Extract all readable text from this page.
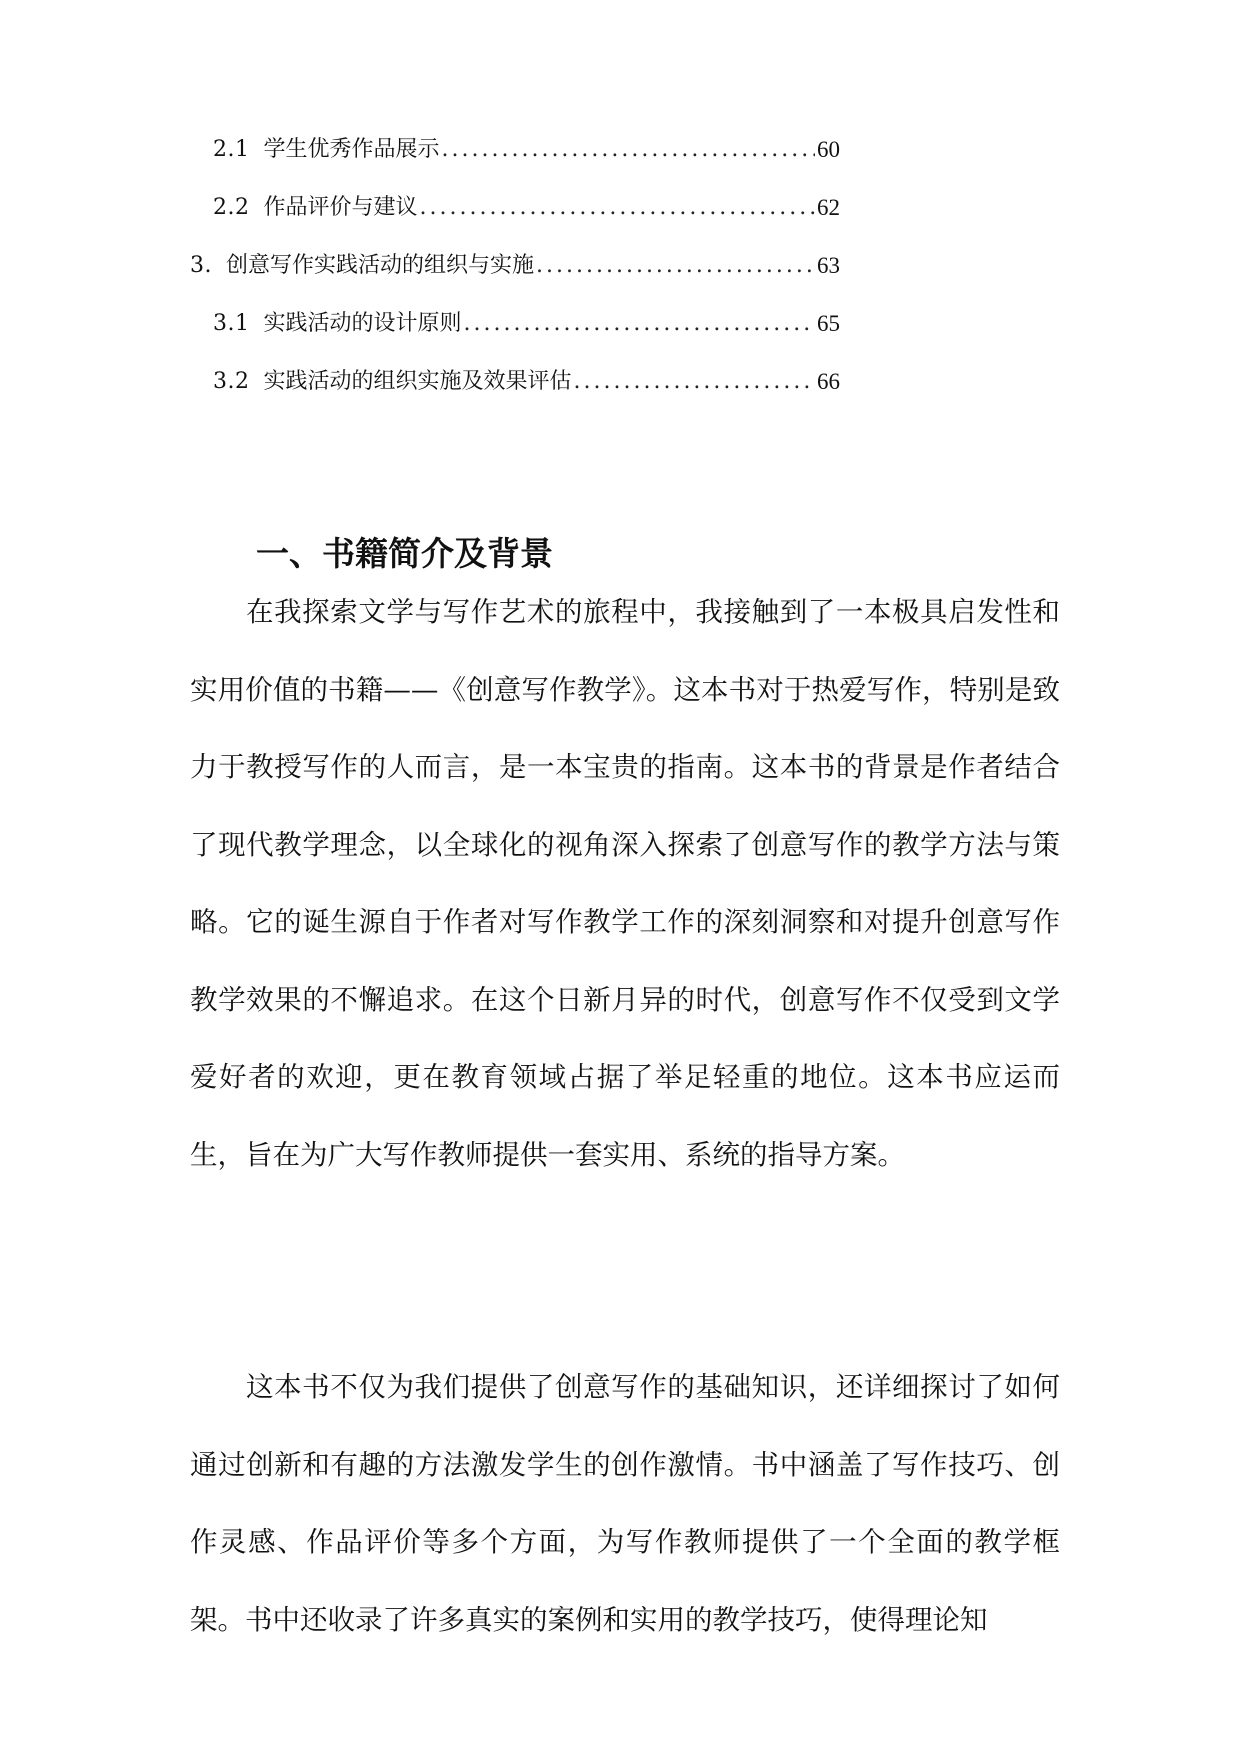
2.1 学生优秀作品展示 .....	60
2.2 作品评价与建议 .....	62
3. 创意写作实践活动的组织与实施 .....	63
3.1 实践活动的设计原则 .....	65
3.2 实践活动的组织实施及效果评估 .....	66
一、书籍简介及背景

在我探索文学与写作艺术的旅程中，我接触到了一本极具启发性和实用价值的书籍——《创意写作教学》。这本书对于热爱写作，特别是致力于教授写作的人而言，是一本宝贵的指南。这本书的背景是作者结合了现代教学理念，以全球化的视角深入探索了创意写作的教学方法与策略。它的诞生源自于作者对写作教学工作的深刻洞察和对提升创意写作教学效果的不懈追求。在这个日新月异的时代，创意写作不仅受到文学爱好者的欢迎，更在教育领域占据了举足轻重的地位。这本书应运而生，旨在为广大写作教师提供一套实用、系统的指导方案。

这本书不仅为我们提供了创意写作的基础知识，还详细探讨了如何通过创新和有趣的方法激发学生的创作激情。书中涵盖了写作技巧、创作灵感、作品评价等多个方面，为写作教师提供了一个全面的教学框架。书中还收录了许多真实的案例和实用的教学技巧，使得理论知
